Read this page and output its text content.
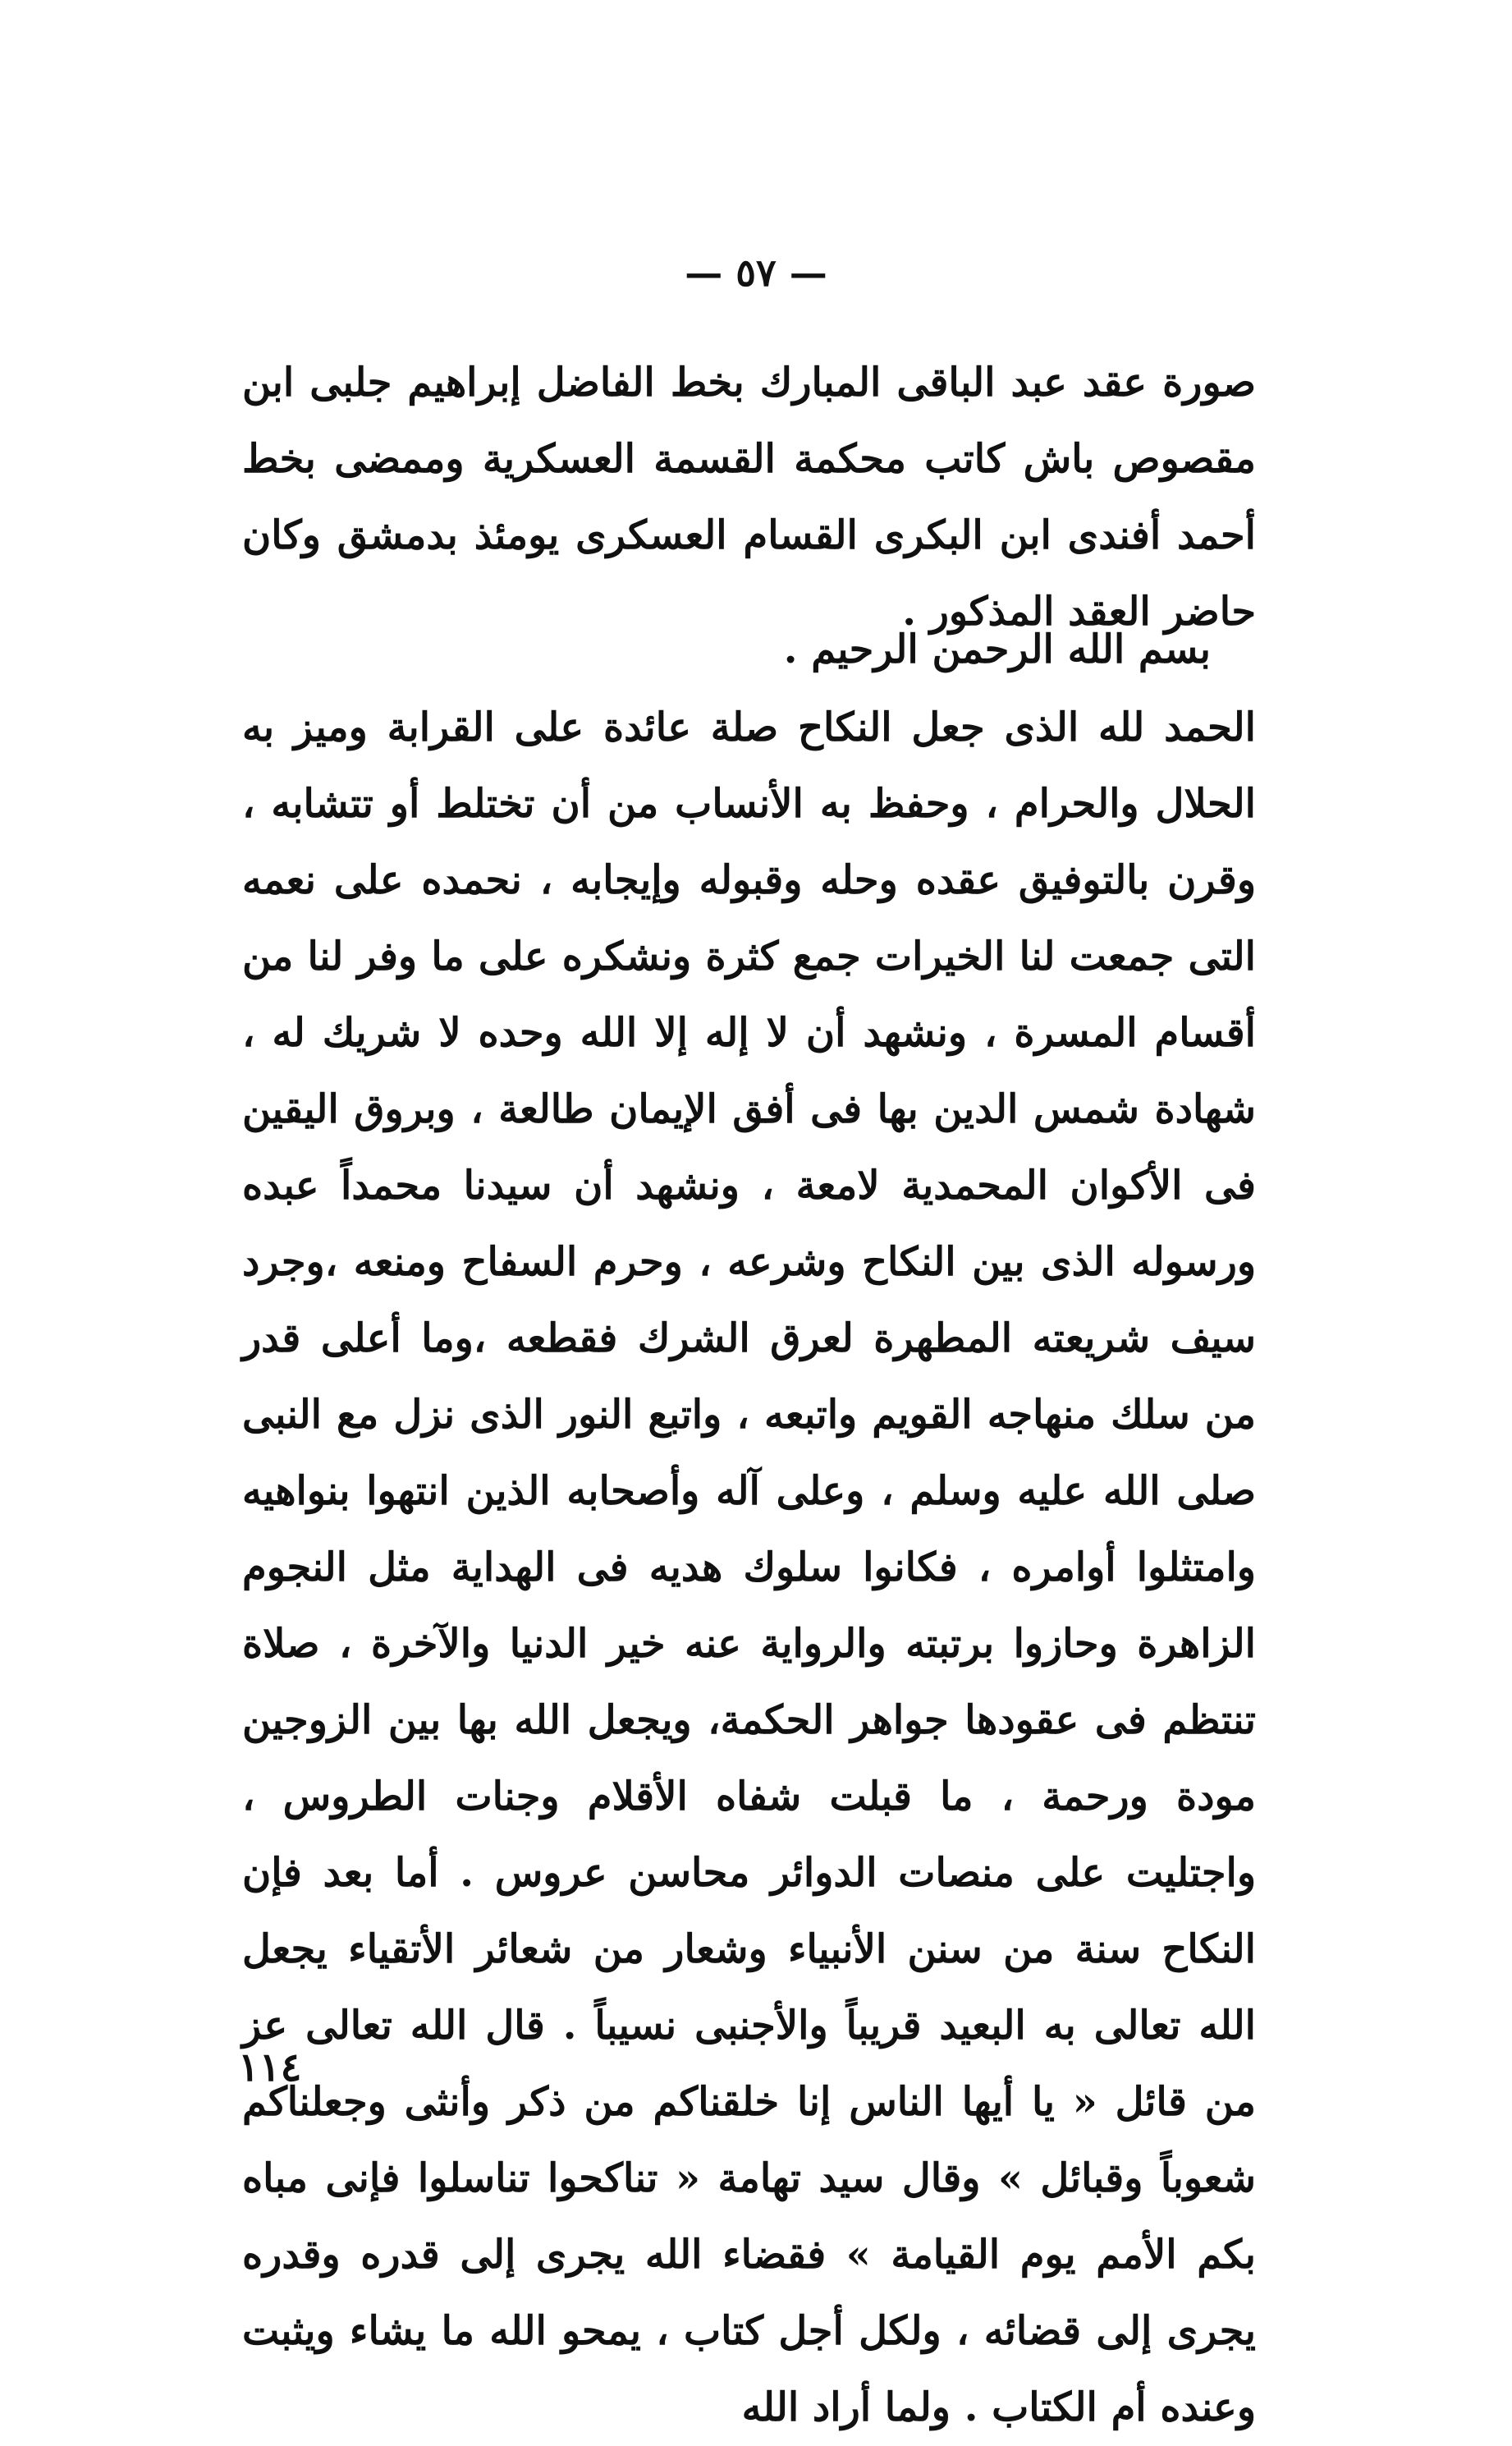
— ٥٧ —

صورة عقد عبد الباقى المبارك بخط الفاضل إبراهيم جلبى ابن مقصوص باش كاتب محكمة القسمة العسكرية وممضى بخط أحمد أفندى ابن البكرى القسام العسكرى يومئذ بدمشق وكان حاضر العقد المذكور .

بسم الله الرحمن الرحيم .

الحمد لله الذى جعل النكاح صلة عائدة على القرابة وميز به الحلال والحرام ، وحفظ به الأنساب من أن تختلط أو تتشابه ، وقرن بالتوفيق عقده وحله وقبوله وإيجابه ، نحمده على نعمه التى جمعت لنا الخيرات جمع كثرة ونشكره على ما وفر لنا من أقسام المسرة ، ونشهد أن لا إله إلا الله وحده لا شريك له ، شهادة شمس الدين بها فى أفق الإيمان طالعة ، وبروق اليقين فى الأكوان المحمدية لامعة ، ونشهد أن سيدنا محمداً عبده ورسوله الذى بين النكاح وشرعه ، وحرم السفاح ومنعه ،وجرد سيف شريعته المطهرة لعرق الشرك فقطعه ،وما أعلى قدر من سلك منهاجه القويم واتبعه ، واتبع النور الذى نزل مع النبى صلى الله عليه وسلم ، وعلى آله وأصحابه الذين انتهوا بنواهيه وامتثلوا أوامره ، فكانوا سلوك هديه فى الهداية مثل النجوم الزاهرة وحازوا برتبته والرواية عنه خير الدنيا والآخرة ، صلاة تنتظم فى عقودها جواهر الحكمة، ويجعل الله بها بين الزوجين مودة ورحمة ، ما قبلت شفاه الأقلام وجنات الطروس ، واجتليت على منصات الدوائر محاسن عروس . أما بعد فإن النكاح سنة من سنن الأنبياء وشعار من شعائر الأتقياء يجعل الله تعالى به البعيد قريباً والأجنبى نسيباً . قال الله تعالى عز من قائل « يا أيها الناس إنا خلقناكم من ذكر وأنثى وجعلناكم شعوباً وقبائل » وقال سيد تهامة « تناكحوا تناسلوا فإنى مباه بكم الأمم يوم القيامة » فقضاء الله يجرى إلى قدره وقدره يجرى إلى قضائه ، ولكل أجل كتاب ، يمحو الله ما يشاء ويثبت وعنده أم الكتاب . ولما أراد الله

١١٤
